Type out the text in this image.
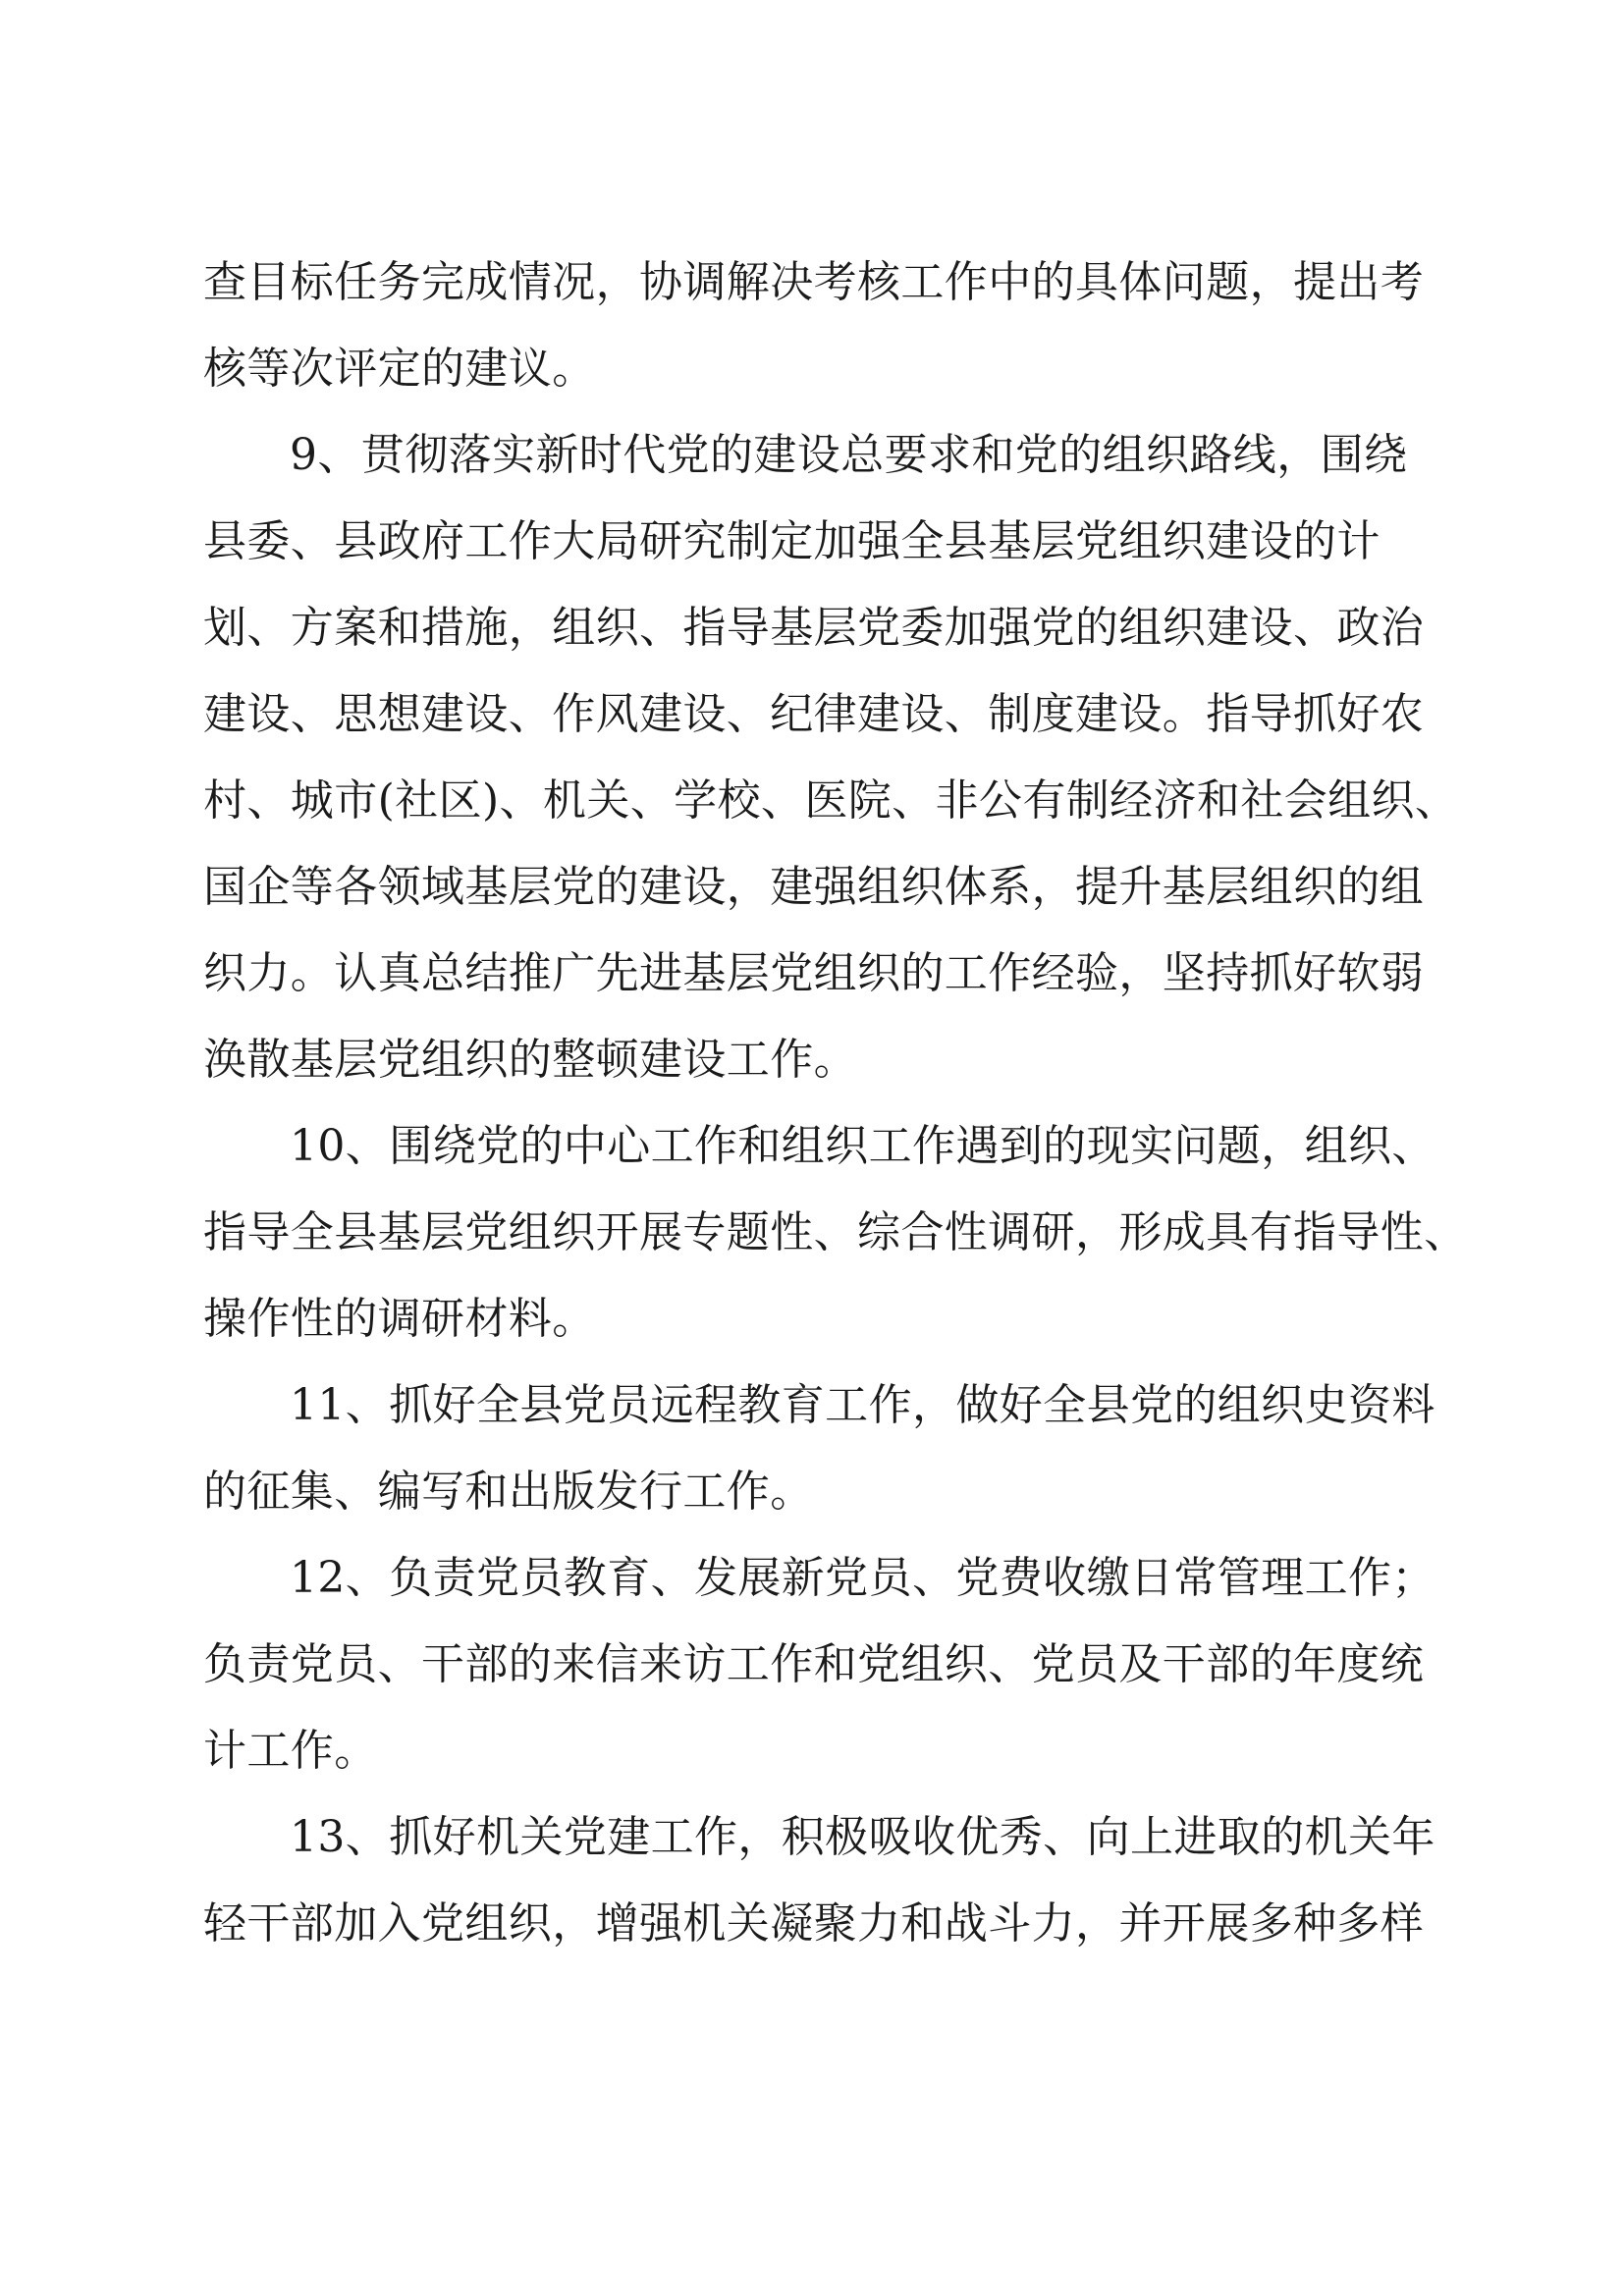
查目标任务完成情况，协调解决考核工作中的具体问题，提出考
核等次评定的建议。

9、贯彻落实新时代党的建设总要求和党的组织路线，围绕
县委、县政府工作大局研究制定加强全县基层党组织建设的计
划、方案和措施，组织、指导基层党委加强党的组织建设、政治
建设、思想建设、作风建设、纪律建设、制度建设。指导抓好农
村、城市(社区)、机关、学校、医院、非公有制经济和社会组织、
国企等各领域基层党的建设，建强组织体系，提升基层组织的组
织力。认真总结推广先进基层党组织的工作经验，坚持抓好软弱
涣散基层党组织的整顿建设工作。

10、围绕党的中心工作和组织工作遇到的现实问题，组织、
指导全县基层党组织开展专题性、综合性调研，形成具有指导性、
操作性的调研材料。

11、抓好全县党员远程教育工作，做好全县党的组织史资料
的征集、编写和出版发行工作。

12、负责党员教育、发展新党员、党费收缴日常管理工作；
负责党员、干部的来信来访工作和党组织、党员及干部的年度统
计工作。

13、抓好机关党建工作，积极吸收优秀、向上进取的机关年
轻干部加入党组织，增强机关凝聚力和战斗力，并开展多种多样
